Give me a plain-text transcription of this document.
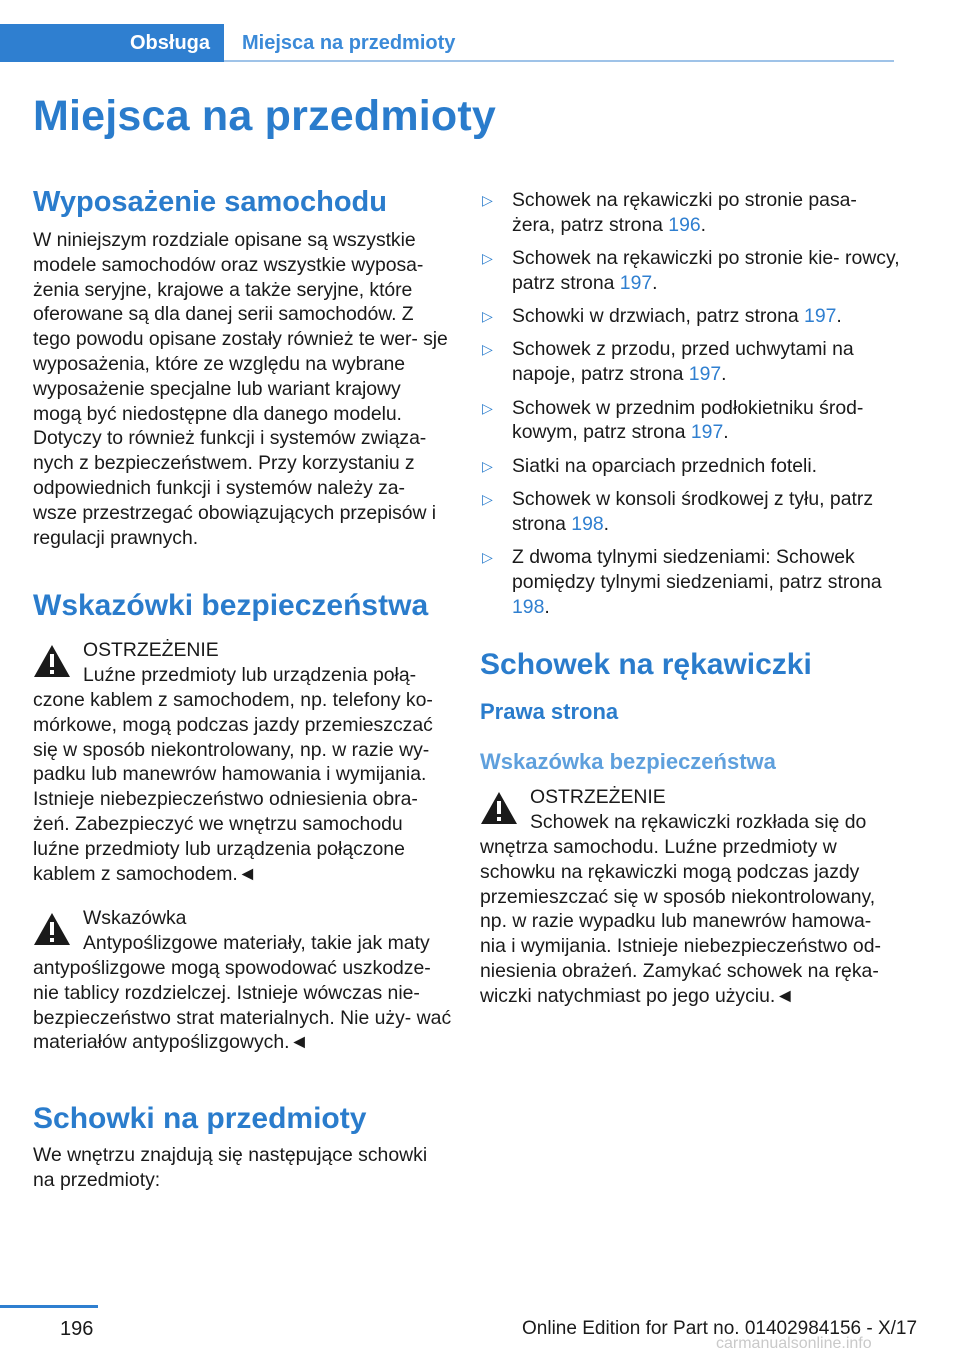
Obsługa	Miejsca na przedmioty
Miejsca na przedmioty
Wyposażenie samochodu

W niniejszym rozdziale opisane są wszystkie modele samochodów oraz wszystkie wyposa- żenia seryjne, krajowe a także seryjne, które oferowane są dla danej serii samochodów. Z tego powodu opisane zostały również te wer- sje wyposażenia, które ze względu na wybrane wyposażenie specjalne lub wariant krajowy mogą być niedostępne dla danego modelu. Dotyczy to również funkcji i systemów związa- nych z bezpieczeństwem. Przy korzystaniu z odpowiednich funkcji i systemów należy za- wsze przestrzegać obowiązujących przepisów i regulacji prawnych.

Wskazówki bezpieczeństwa
OSTRZEŻENIE

Luźne przedmioty lub urządzenia połą- czone kablem z samochodem, np. telefony ko- mórkowe, mogą podczas jazdy przemieszczać się w sposób niekontrolowany, np. w razie wy- padku lub manewrów hamowania i wymijania. Istnieje niebezpieczeństwo odniesienia obra- żeń. Zabezpieczyć we wnętrzu samochodu luźne przedmioty lub urządzenia połączone kablem z samochodem.◄

Wskazówka

Antypoślizgowe materiały, takie jak maty antypoślizgowe mogą spowodować uszkodze- nie tablicy rozdzielczej. Istnieje wówczas nie- bezpieczeństwo strat materialnych. Nie uży- wać materiałów antypoślizgowych.◄

Schowki na przedmioty

We wnętrzu znajdują się następujące schowki na przedmioty:

▷ Schowek na rękawiczki po stronie pasa- żera, patrz strona 196.
▷ Schowek na rękawiczki po stronie kie- rowcy, patrz strona 197.
▷ Schowki w drzwiach, patrz strona 197.
▷ Schowek z przodu, przed uchwytami na napoje, patrz strona 197.
▷ Schowek w przednim podłokietniku środ- kowym, patrz strona 197.
▷ Siatki na oparciach przednich foteli.
▷ Schowek w konsoli środkowej z tyłu, patrz strona 198.
▷ Z dwoma tylnymi siedzeniami: Schowek pomiędzy tylnymi siedzeniami, patrz strona 198.
Schowek na rękawiczki
Prawa strona
Wskazówka bezpieczeństwa
OSTRZEŻENIE

Schowek na rękawiczki rozkłada się do wnętrza samochodu. Luźne przedmioty w schowku na rękawiczki mogą podczas jazdy przemieszczać się w sposób niekontrolowany, np. w razie wypadku lub manewrów hamowa- nia i wymijania. Istnieje niebezpieczeństwo od- niesienia obrażeń. Zamykać schowek na ręka- wiczki natychmiast po jego użyciu.◄

196	Online Edition for Part no. 01402984156 - X/17
carmanualsonline.info
